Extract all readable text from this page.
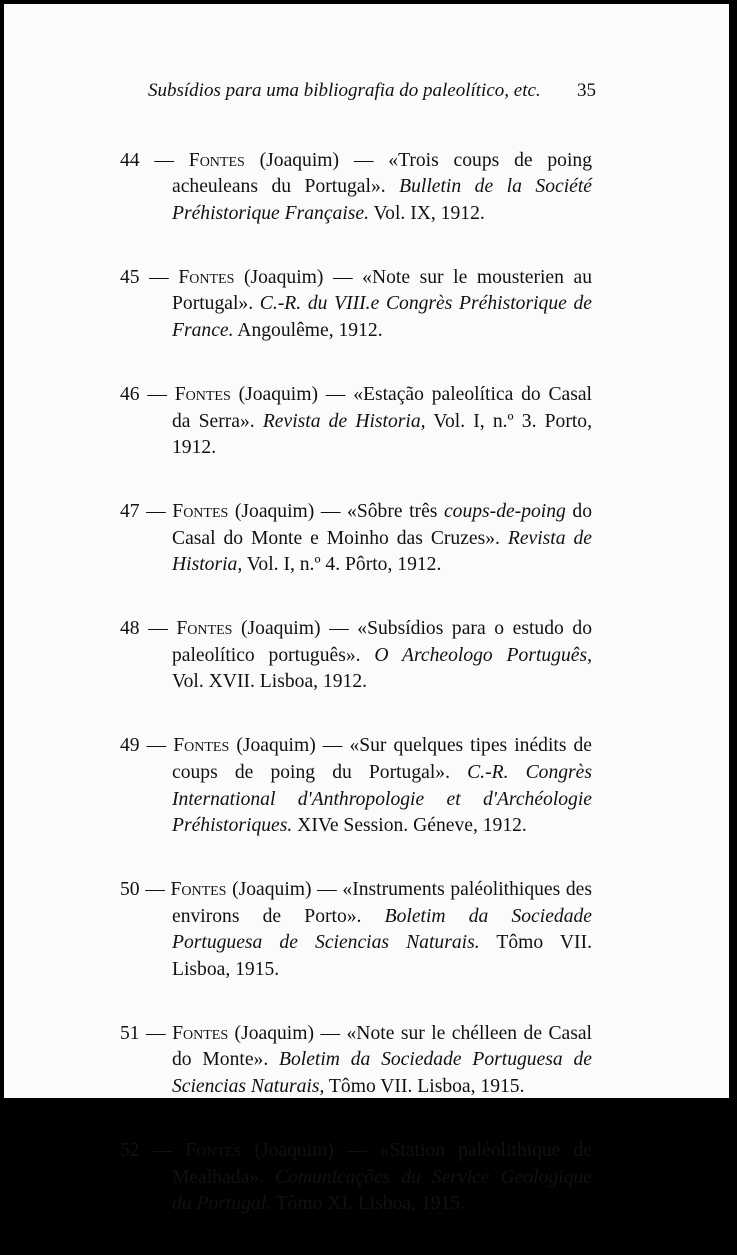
Subsídios para uma bibliografia do paleolítico, etc. 35

44 — Fontes (Joaquim) — «Trois coups de poing acheuleans du Portugal». Bulletin de la Société Préhistorique Française. Vol. IX, 1912.

45 — Fontes (Joaquim) — «Note sur le mousterien au Portugal». C.-R. du VIII.e Congrès Préhistorique de France. Angoulême, 1912.

46 — Fontes (Joaquim) — «Estação paleolítica do Casal da Serra». Revista de Historia, Vol. I, n.º 3. Porto, 1912.

47 — Fontes (Joaquim) — «Sôbre três coups-de-poing do Casal do Monte e Moinho das Cruzes». Revista de Historia, Vol. I, n.º 4. Pôrto, 1912.

48 — Fontes (Joaquim) — «Subsídios para o estudo do paleolítico português». O Archeologo Português, Vol. XVII. Lisboa, 1912.

49 — Fontes (Joaquim) — «Sur quelques tipes inédits de coups de poing du Portugal». C.-R. Congrès International d'Anthropologie et d'Archéologie Préhistoriques. XIVe Session. Géneve, 1912.

50 — Fontes (Joaquim) — «Instruments paléolithiques des environs de Porto». Boletim da Sociedade Portuguesa de Sciencias Naturais. Tômo VII. Lisboa, 1915.

51 — Fontes (Joaquim) — «Note sur le chélleen de Casal do Monte». Boletim da Sociedade Portuguesa de Sciencias Naturais, Tômo VII. Lisboa, 1915.

52 — Fontes (Joaquim) — «Station paléolithique de Mealhada». Comunicações du Service Geologique du Portugal. Tômo XI. Lisboa, 1915.
